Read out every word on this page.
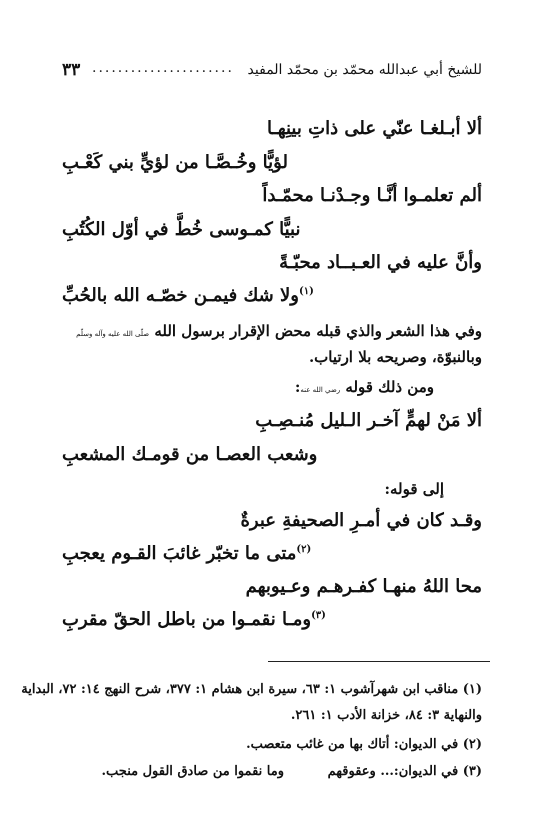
للشيخ أبي عبدالله محمّد بن محمّد المفيد
......................
٣٣
ألا أبـلغـا عنّي على ذاتِ بينِهـا
لؤيًّا وخُـصَّـا من لؤيٍّ بني كَعْـبِ
ألم تعلمـوا أنَّـا وجـدْنـا محمّـداً
نبيًّا كمـوسى خُطَّ في أوّل الكُتُبِ
وأنَّ عليه في العـبــاد محبّـةً
$^{(١)}$ولا شك فيمـن خصّـه الله بالحُبِّ
وفي هذا الشعر والذي قبله محض الإقرار برسول الله صلّى الله عليه وآله وسلّم
وبالنبوّة، وصريحه بلا ارتياب.
ومن ذلك قوله رضي الله عنه:
ألا مَنْ لهمٍّ آخـر الـليل مُنـصِـبِ
وشعب العصـا من قومـك المشعبِ
إلى قوله:
وقـد كان في أمـرِ الصحيفةِ عبرةٌ
$^{(٢)}$متى ما تخبّر غائبَ القـوم يعجبِ
محا اللهُ منهـا كفـرهـم وعـيوبهم
$^{(٣)}$ومـا نقمـوا من باطل الحقّ مقربِ
(١) مناقب ابن شهرآشوب ١: ٦٣، سيرة ابن هشام ١: ٣٧٧، شرح النهج ١٤: ٧٢، البداية
والنهاية ٣: ٨٤، خزانة الأدب ١: ٢٦١.
(٢) في الديوان: أتاك بها من غائب متعصب.
(٣) في الديوان:... وعقوقهم
وما نقموا من صادق القول منجب.
